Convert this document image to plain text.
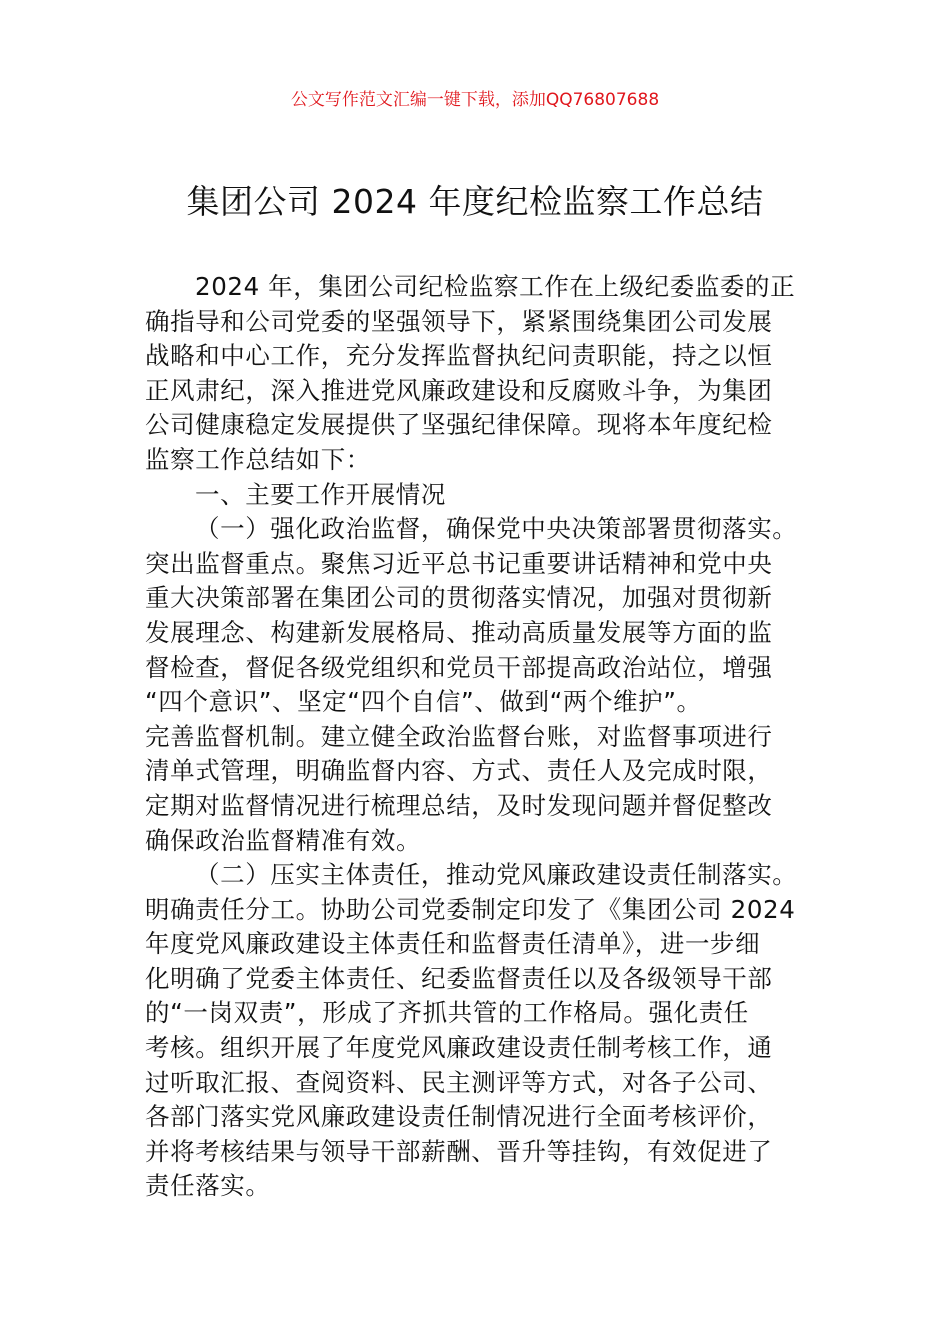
公文写作范文汇编一键下载，添加QQ76807688
集团公司 2024 年度纪检监察工作总结
2024 年，集团公司纪检监察工作在上级纪委监委的正
确指导和公司党委的坚强领导下，紧紧围绕集团公司发展
战略和中心工作，充分发挥监督执纪问责职能，持之以恒
正风肃纪，深入推进党风廉政建设和反腐败斗争，为集团
公司健康稳定发展提供了坚强纪律保障。现将本年度纪检
监察工作总结如下：
一、主要工作开展情况
（一）强化政治监督，确保党中央决策部署贯彻落实。
突出监督重点。聚焦习近平总书记重要讲话精神和党中央
重大决策部署在集团公司的贯彻落实情况，加强对贯彻新
发展理念、构建新发展格局、推动高质量发展等方面的监
督检查，督促各级党组织和党员干部提高政治站位，增强
“四个意识”、坚定“四个自信”、做到“两个维护”。
完善监督机制。建立健全政治监督台账，对监督事项进行
清单式管理，明确监督内容、方式、责任人及完成时限，
定期对监督情况进行梳理总结，及时发现问题并督促整改
确保政治监督精准有效。
（二）压实主体责任，推动党风廉政建设责任制落实。
明确责任分工。协助公司党委制定印发了《集团公司 2024
年度党风廉政建设主体责任和监督责任清单》，进一步细
化明确了党委主体责任、纪委监督责任以及各级领导干部
的“一岗双责”，形成了齐抓共管的工作格局。强化责任
考核。组织开展了年度党风廉政建设责任制考核工作，通
过听取汇报、查阅资料、民主测评等方式，对各子公司、
各部门落实党风廉政建设责任制情况进行全面考核评价，
并将考核结果与领导干部薪酬、晋升等挂钩，有效促进了
责任落实。
